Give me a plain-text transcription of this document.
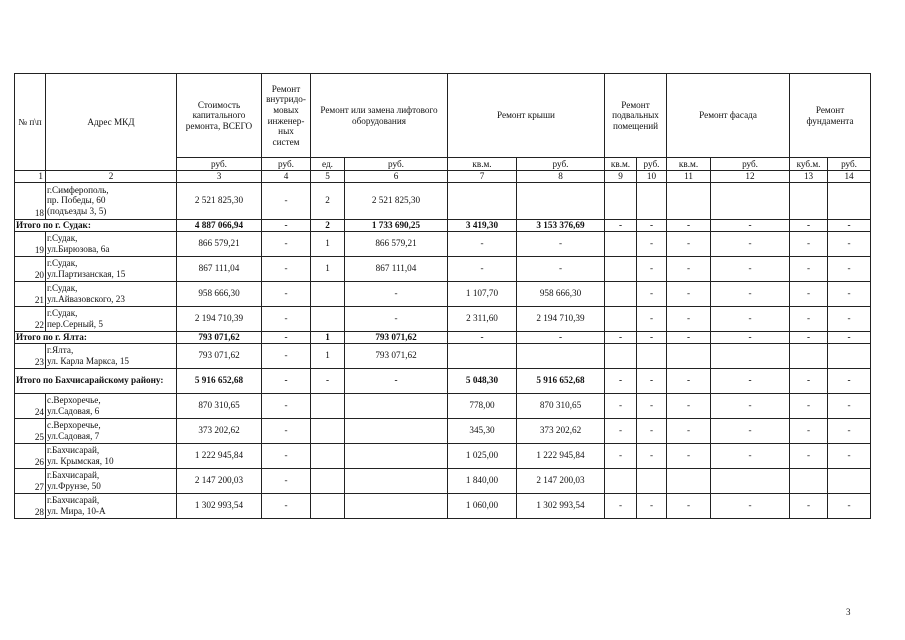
№ п\п	Адрес МКД	Стоимость капитального ремонта, ВСЕГО	Ремонт внутридо-мовых инженер-ных систем	Ремонт или замена лифтового оборудования		Ремонт крыши		Ремонт подвальных помещений		Ремонт фасада		Ремонт фундамента	
		руб.	руб.	ед.	руб.	кв.м.	руб.	кв.м.	руб.	кв.м.	руб.	куб.м.	руб.
1	2	3	4	5	6	7	8	9	10	11	12	13	14
18	г.Симферополь,
пр. Победы, 60
(подъезды 3, 5)	2 521 825,30	-	2	2 521 825,30								
Итого по г. Судак:		4 887 066,94	-	2	1 733 690,25	3 419,30	3 153 376,69	-	-	-	-	-	-
19	г.Судак,
ул.Бирюзова, 6а	866 579,21	-	1	866 579,21	-	-		-	-	-	-	-
20	г.Судак,
ул.Партизанская, 15	867 111,04	-	1	867 111,04	-	-		-	-	-	-	-
21	г.Судак,
ул.Айвазовского, 23	958 666,30	-		-	1 107,70	958 666,30		-	-	-	-	-
22	г.Судак,
пер.Серный, 5	2 194 710,39	-		-	2 311,60	2 194 710,39		-	-	-	-	-
Итого по г. Ялта:		793 071,62	-	1	793 071,62	-	-	-	-	-	-	-	-
23	г.Ялта,
ул. Карла Маркса, 15	793 071,62	-	1	793 071,62								
Итого по Бахчисарайскому району:		5 916 652,68	-	-	-	5 048,30	5 916 652,68	-	-	-	-	-	-
24	с.Верхоречье,
ул.Садовая, 6	870 310,65	-			778,00	870 310,65	-	-	-	-	-	-
25	с.Верхоречье,
ул.Садовая, 7	373 202,62	-			345,30	373 202,62	-	-	-	-	-	-
26	г.Бахчисарай,
ул. Крымская, 10	1 222 945,84	-			1 025,00	1 222 945,84	-	-	-	-	-	-
27	г.Бахчисарай,
ул.Фрунзе, 50	2 147 200,03	-			1 840,00	2 147 200,03						
28	г.Бахчисарай,
ул. Мира, 10-А	1 302 993,54	-			1 060,00	1 302 993,54	-	-	-	-	-	-
3
